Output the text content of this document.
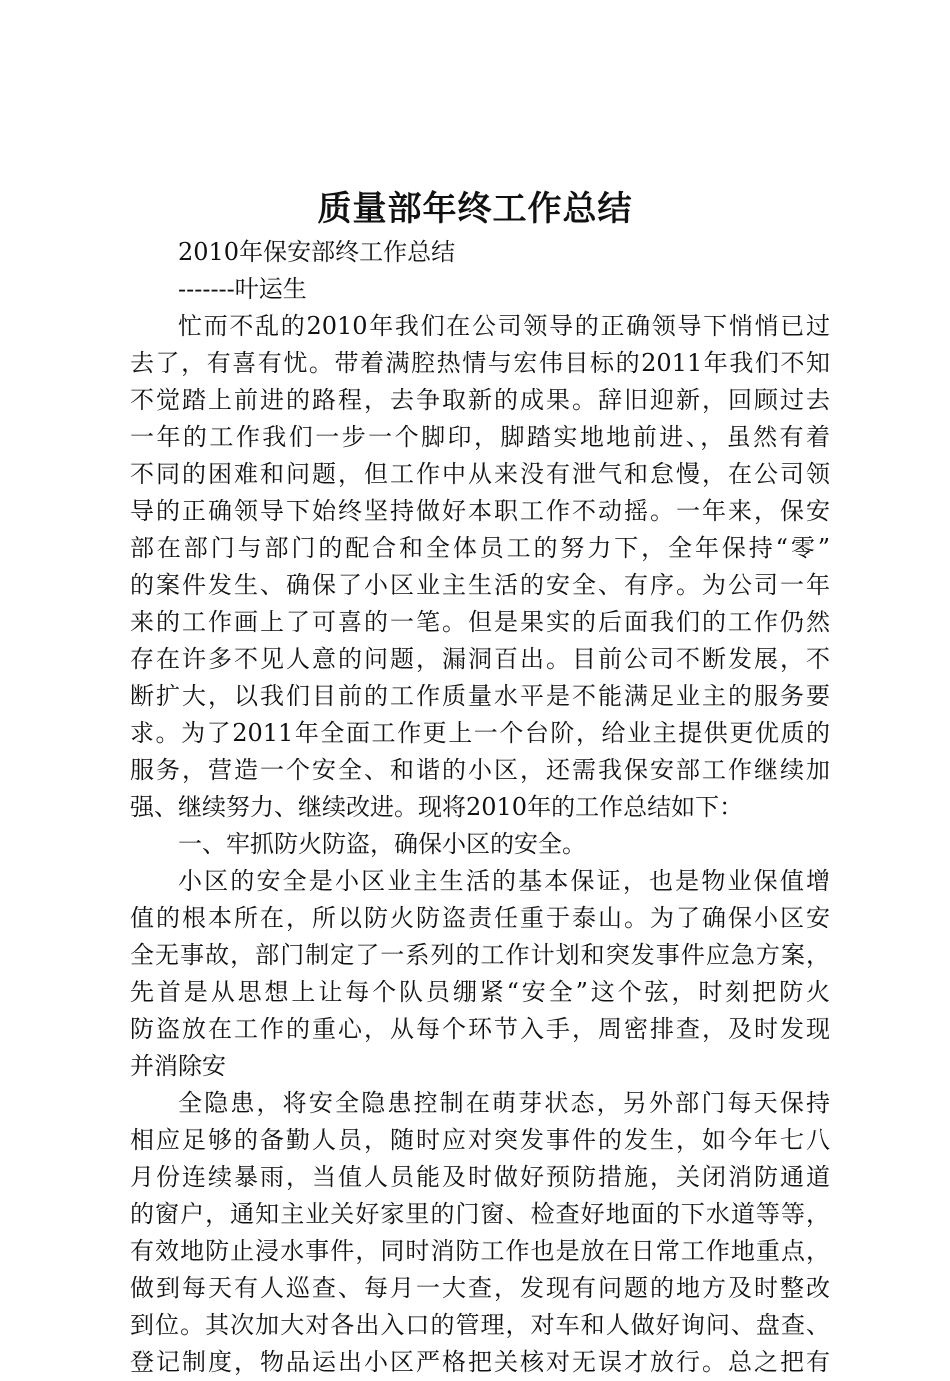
质量部年终工作总结
2010年保安部终工作总结
-------叶运生
忙而不乱的2010年我们在公司领导的正确领导下悄悄已过
去了，有喜有忧。带着满腔热情与宏伟目标的2011年我们不知
不觉踏上前进的路程，去争取新的成果。辞旧迎新，回顾过去
一年的工作我们一步一个脚印，脚踏实地地前进、，虽然有着
不同的困难和问题，但工作中从来没有泄气和怠慢，在公司领
导的正确领导下始终坚持做好本职工作不动摇。一年来，保安
部在部门与部门的配合和全体员工的努力下，全年保持“零”
的案件发生、确保了小区业主生活的安全、有序。为公司一年
来的工作画上了可喜的一笔。但是果实的后面我们的工作仍然
存在许多不见人意的问题，漏洞百出。目前公司不断发展，不
断扩大，以我们目前的工作质量水平是不能满足业主的服务要
求。为了2011年全面工作更上一个台阶，给业主提供更优质的
服务，营造一个安全、和谐的小区，还需我保安部工作继续加
强、继续努力、继续改进。现将2010年的工作总结如下：
一、牢抓防火防盗，确保小区的安全。
小区的安全是小区业主生活的基本保证，也是物业保值增
值的根本所在，所以防火防盗责任重于泰山。为了确保小区安
全无事故，部门制定了一系列的工作计划和突发事件应急方案，
先首是从思想上让每个队员绷紧“安全”这个弦，时刻把防火
防盗放在工作的重心，从每个环节入手，周密排查，及时发现
并消除安
全隐患，将安全隐患控制在萌芽状态，另外部门每天保持
相应足够的备勤人员，随时应对突发事件的发生，如今年七八
月份连续暴雨，当值人员能及时做好预防措施，关闭消防通道
的窗户，通知主业关好家里的门窗、检查好地面的下水道等等，
有效地防止浸水事件，同时消防工作也是放在日常工作地重点，
做到每天有人巡查、每月一大查，发现有问题的地方及时整改
到位。其次加大对各出入口的管理，对车和人做好询问、盘查、
登记制度，物品运出小区严格把关核对无误才放行。总之把有
